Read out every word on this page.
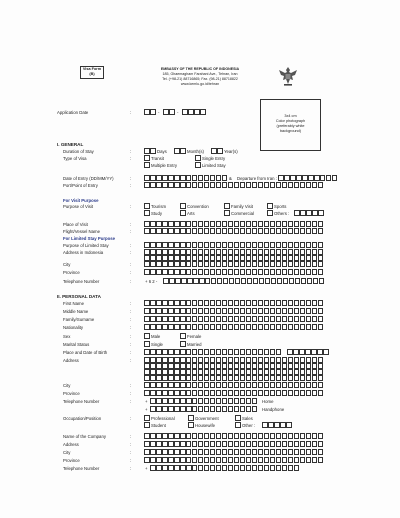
Visa Form
(B)
EMBASSY OF THE REPUBLIC OF INDONESIA
185, Ghaemagham Farahani Ave., Tehran, Iran
Tel. (+98-21) 88716865; Fax. (98-21) 88718822
www.kemlu.go.id/tehran
Application Date	:	-	-
3x4 cm
Color photograph
(preferably white
background)
I. GENERAL
Duration of Stay	:	Days	Month(s)	Year(s)
Type of Visa	:	Transit	Single Entry
Multiple Entry	Limited Stay
Date of Entry (DD/MM/YY)	:	& Departure from Iran :
Port/Point of Entry	:
For Visit Purpose
Purpose of Visit	:	Tourism	Convention	Family Visit	Sports
Study	Arts	Commercial	Others :
Place of Visit	:
Flight/Vessel Name	:
For Limited Stay Purpose
Purpose of Limited Stay	:
Address in Indonesia	:
City	:
Province	:
Telephone Number	:	+ 6 2 -
II. PERSONAL DATA
First Name	:
Middle Name	:
Family/Surname	:
Nationality	:
Sex	:	Male	Female
Marital Status	:	Single	Married
Place and Date of Birth	:
Address	:
City	:
Province	:
Telephone Number	:	+
+
Home
Handphone
Occupation/Position	:	Professional	Government	Sales
Student	Housewife	Other :
Name of the Company	:
Address	:
City	:
Province	:
Telephone Number	:	+
